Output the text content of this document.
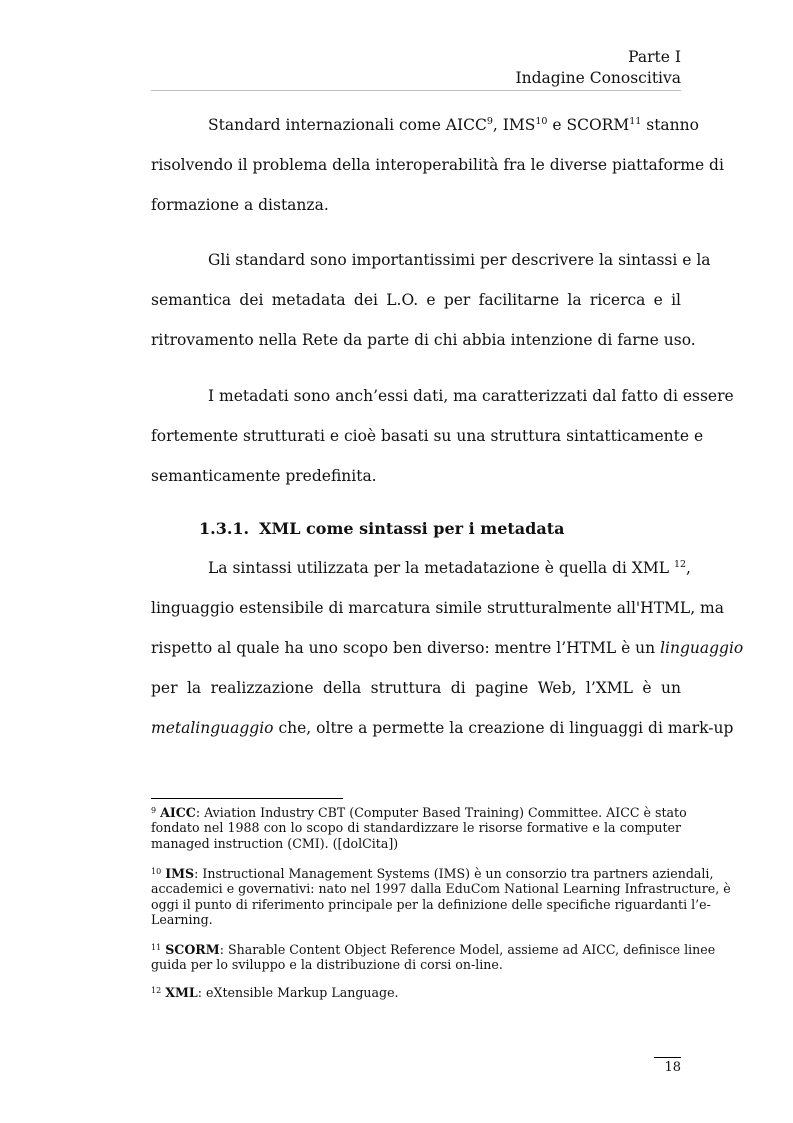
Parte I
Indagine Conoscitiva
Standard internazionali come AICC$^9$, IMS$^{10}$ e SCORM$^{11}$ stanno
risolvendo il problema della interoperabilità fra le diverse piattaforme di
formazione a distanza.
Gli standard sono importantissimi per descrivere la sintassi e la
semantica dei metadata dei L.O. e per facilitarne la ricerca e il
ritrovamento nella Rete da parte di chi abbia intenzione di farne uso.
I metadati sono anch’essi dati, ma caratterizzati dal fatto di essere
fortemente strutturati e cioè basati su una struttura sintatticamente e
semanticamente predefinita.
1.3.1. XML come sintassi per i metadata
La sintassi utilizzata per la metadatazione è quella di XML $^{12}$,
linguaggio estensibile di marcatura simile strutturalmente all'HTML, ma
rispetto al quale ha uno scopo ben diverso: mentre l’HTML è un linguaggio
per la realizzazione della struttura di pagine Web, l’XML è un
metalinguaggio che, oltre a permette la creazione di linguaggi di mark-up
$^9$ AICC: Aviation Industry CBT (Computer Based Training) Committee. AICC è stato
fondato nel 1988 con lo scopo di standardizzare le risorse formative e la computer
managed instruction (CMI). ([dolCita])
$^{10}$ IMS: Instructional Management Systems (IMS) è un consorzio tra partners aziendali,
accademici e governativi: nato nel 1997 dalla EduCom National Learning Infrastructure, è
oggi il punto di riferimento principale per la definizione delle specifiche riguardanti l’e-
Learning.
$^{11}$ SCORM: Sharable Content Object Reference Model, assieme ad AICC, definisce linee
guida per lo sviluppo e la distribuzione di corsi on-line.
$^{12}$ XML: eXtensible Markup Language.
18
